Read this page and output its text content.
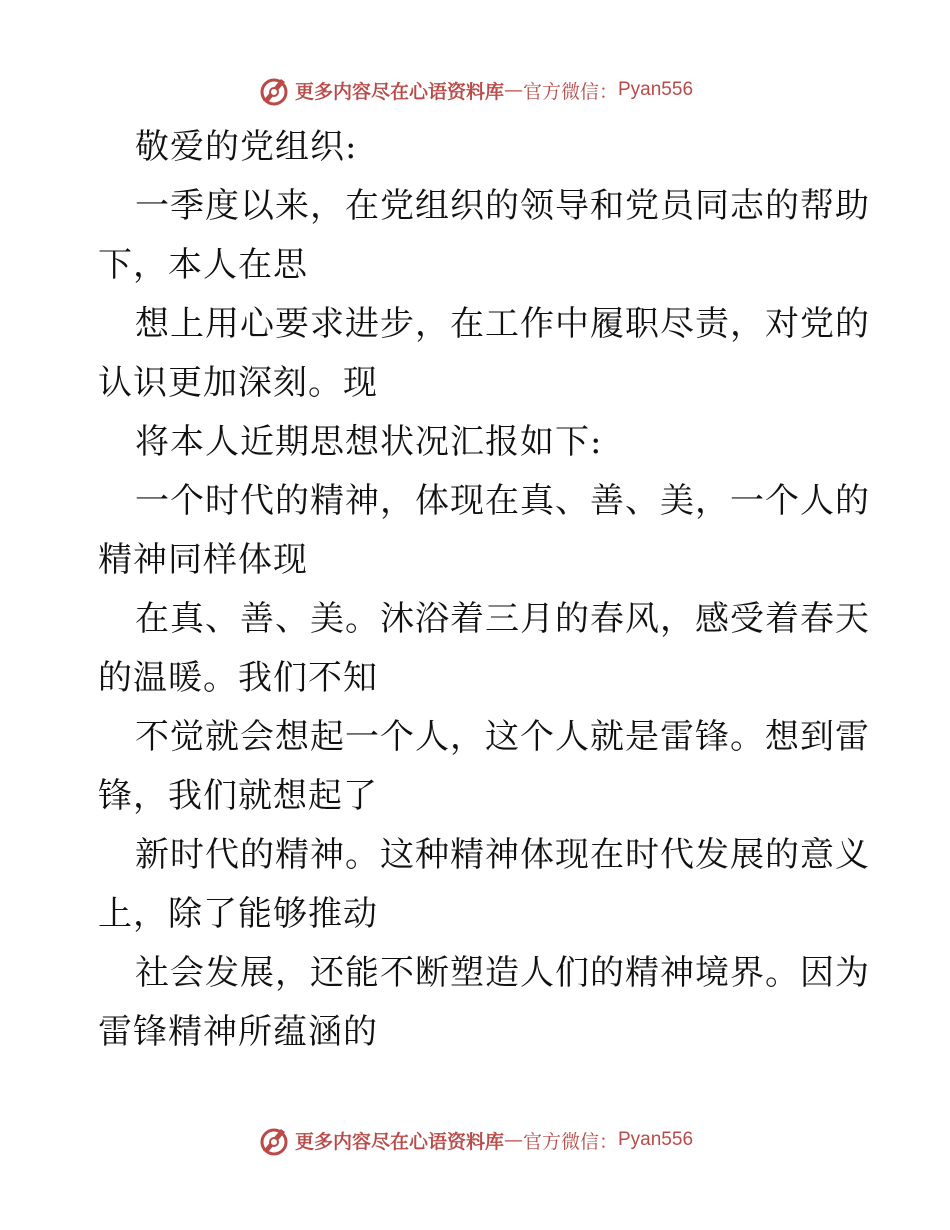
更多内容尽在心语资料库 — 官方微信： Pyan556
敬爱的党组织:
一季度以来，在党组织的领导和党员同志的帮助
下，本人在思
想上用心要求进步，在工作中履职尽责，对党的
认识更加深刻。现
将本人近期思想状况汇报如下:
一个时代的精神，体现在真、善、美，一个人的
精神同样体现
在真、善、美。沐浴着三月的春风，感受着春天
的温暖。我们不知
不觉就会想起一个人，这个人就是雷锋。想到雷
锋，我们就想起了
新时代的精神。这种精神体现在时代发展的意义
上，除了能够推动
社会发展，还能不断塑造人们的精神境界。因为
雷锋精神所蕴涵的
更多内容尽在心语资料库 — 官方微信： Pyan556
